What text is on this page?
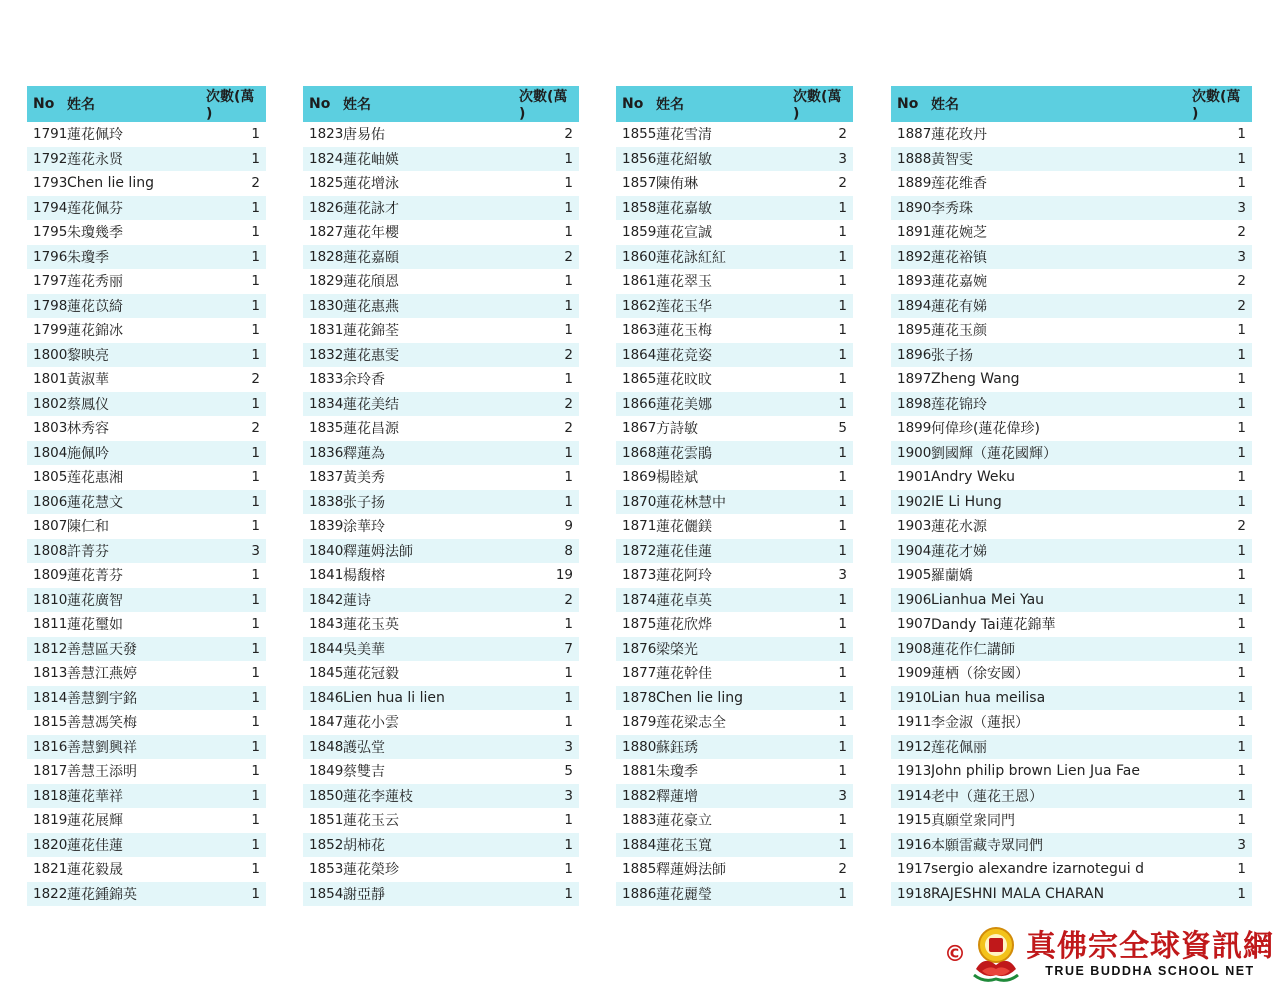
No	姓名	次數(萬 )
1791	蓮花佩玲	1
1792	莲花永贤	1
1793	Chen lie ling	2
1794	莲花佩芬	1
1795	朱瓊幾季	1
1796	朱瓊季	1
1797	莲花秀丽	1
1798	蓮花苡綺	1
1799	蓮花錦冰	1
1800	黎映亮	1
1801	黃淑華	2
1802	蔡鳳仪	1
1803	林秀容	2
1804	施佩吟	1
1805	莲花惠湘	1
1806	蓮花慧文	1
1807	陳仁和	1
1808	許菁芬	3
1809	蓮花菁芬	1
1810	蓮花廣智	1
1811	蓮花璽如	1
1812	善慧區天發	1
1813	善慧江燕婷	1
1814	善慧劉宇銘	1
1815	善慧馮笑梅	1
1816	善慧劉興祥	1
1817	善慧王添明	1
1818	蓮花華祥	1
1819	蓮花展輝	1
1820	蓮花佳蓮	1
1821	蓮花毅晟	1
1822	蓮花鍾錦英	1
No	姓名	次數(萬 )
1823	唐易佑	2
1824	蓮花岫媖	1
1825	蓮花增泳	1
1826	蓮花詠才	1
1827	蓮花年櫻	1
1828	蓮花嘉頤	2
1829	蓮花頎恩	1
1830	蓮花惠燕	1
1831	蓮花錦荃	1
1832	蓮花惠雯	2
1833	余玲香	1
1834	蓮花美结	2
1835	蓮花昌源	2
1836	釋蓮為	1
1837	黃美秀	1
1838	张子扬	1
1839	涂華玲	9
1840	釋蓮姆法師	8
1841	楊馥榕	19
1842	蓮诗	2
1843	蓮花玉英	1
1844	吳美華	7
1845	蓮花冠毅	1
1846	Lien hua li lien	1
1847	蓮花小雲	1
1848	護弘堂	3
1849	蔡雙吉	5
1850	蓮花李蓮枝	3
1851	蓮花玉云	1
1852	胡柿花	1
1853	蓮花榮珍	1
1854	謝亞靜	1
No	姓名	次數(萬 )
1855	蓮花雪清	2
1856	蓮花紹敏	3
1857	陳侑琳	2
1858	蓮花嘉敏	1
1859	蓮花宣誠	1
1860	蓮花詠紅紅	1
1861	蓮花翠玉	1
1862	莲花玉华	1
1863	蓮花玉梅	1
1864	蓮花竞姿	1
1865	蓮花旼旼	1
1866	蓮花美娜	1
1867	方詩敏	5
1868	蓮花雲鵑	1
1869	楊睦斌	1
1870	蓮花林慧中	1
1871	蓮花儷鎂	1
1872	蓮花佳蓮	1
1873	蓮花阿玲	3
1874	蓮花卓英	1
1875	蓮花欣烨	1
1876	梁棨光	1
1877	蓮花幹佳	1
1878	Chen lie ling	1
1879	莲花梁志全	1
1880	蘇鈺琇	1
1881	朱瓊季	1
1882	釋蓮增	3
1883	蓮花豪立	1
1884	蓮花玉寬	1
1885	釋蓮姆法師	2
1886	蓮花麗瑩	1
No	姓名	次數(萬 )
1887	蓮花玫丹	1
1888	黃智雯	1
1889	莲花维香	1
1890	李秀珠	3
1891	蓮花婉芝	2
1892	蓮花裕镇	3
1893	蓮花嘉婉	2
1894	蓮花有娣	2
1895	蓮花玉颜	1
1896	张子扬	1
1897	Zheng Wang	1
1898	莲花锦玲	1
1899	何偉珍(蓮花偉珍)	1
1900	劉國輝（蓮花國輝）	1
1901	Andry Weku	1
1902	IE Li Hung	1
1903	蓮花水源	2
1904	蓮花才娣	1
1905	羅蘭嬌	1
1906	Lianhua Mei Yau	1
1907	Dandy Tai蓮花錦華	1
1908	蓮花作仁講師	1
1909	蓮栖（徐安國）	1
1910	Lian hua meilisa	1
1911	李金淑（蓮抿）	1
1912	莲花佩丽	1
1913	John philip brown Lien Jua Fae	1
1914	老中（蓮花王恩）	1
1915	真願堂衆同門	1
1916	本願雷藏寺眾同們	3
1917	sergio alexandre izarnotegui d	1
1918	RAJESHNI MALA CHARAN	1
© 真佛宗全球資訊網
TRUE BUDDHA SCHOOL NET
